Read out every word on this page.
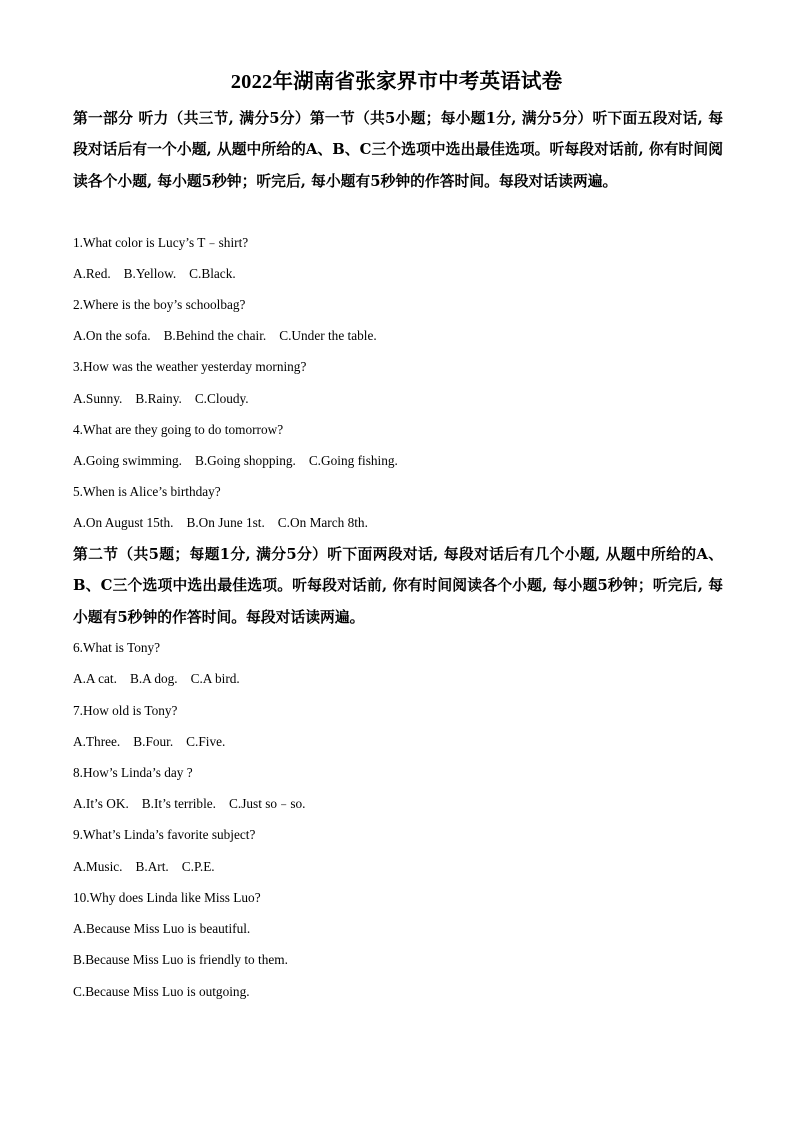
2022年湖南省张家界市中考英语试卷
第一部分 听力（共三节, 满分5分）第一节（共5小题；每小题1分, 满分5分）听下面五段对话, 每段对话后有一个小题, 从题中所给的A、B、C三个选项中选出最佳选项。听每段对话前, 你有时间阅读各个小题, 每小题5秒钟；听完后, 每小题有5秒钟的作答时间。每段对话读两遍。
1.What color is Lucy’s T﹣shirt?
A.Red. B.Yellow. C.Black.
2.Where is the boy’s schoolbag?
A.On the sofa. B.Behind the chair. C.Under the table.
3.How was the weather yesterday morning?
A.Sunny. B.Rainy. C.Cloudy.
4.What are they going to do tomorrow?
A.Going swimming. B.Going shopping. C.Going fishing.
5.When is Alice’s birthday?
A.On August 15th. B.On June 1st. C.On March 8th.
第二节（共5题；每题1分, 满分5分）听下面两段对话, 每段对话后有几个小题, 从题中所给的A、B、C三个选项中选出最佳选项。听每段对话前, 你有时间阅读各个小题, 每小题5秒钟；听完后, 每小题有5秒钟的作答时间。每段对话读两遍。
6.What is Tony?
A.A cat. B.A dog. C.A bird.
7.How old is Tony?
A.Three. B.Four. C.Five.
8.How’s Linda’s day ?
A.It’s OK. B.It’s terrible. C.Just so﹣so.
9.What’s Linda’s favorite subject?
A.Music. B.Art. C.P.E.
10.Why does Linda like Miss Luo?
A.Because Miss Luo is beautiful.
B.Because Miss Luo is friendly to them.
C.Because Miss Luo is outgoing.
